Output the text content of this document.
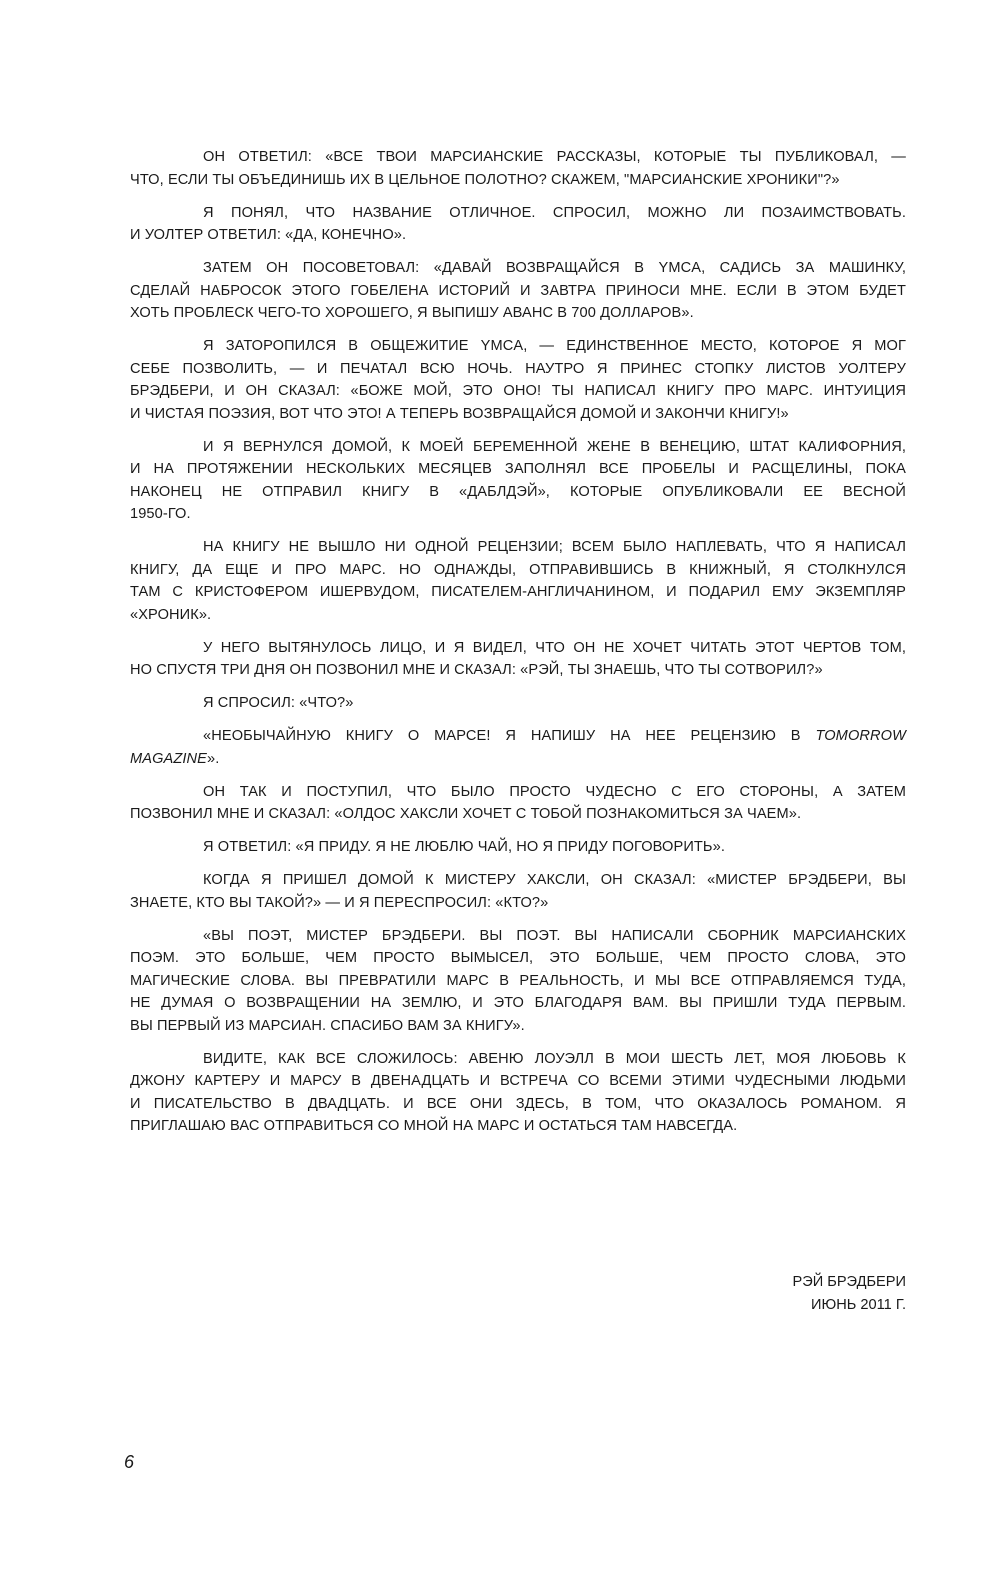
ОН ОТВЕТИЛ: «ВСЕ ТВОИ МАРСИАНСКИЕ РАССКАЗЫ, КОТОРЫЕ ТЫ ПУБЛИКОВАЛ, —
ЧТО, ЕСЛИ ТЫ ОБЪЕДИНИШЬ ИХ В ЦЕЛЬНОЕ ПОЛОТНО? СКАЖЕМ, "МАРСИАНСКИЕ ХРОНИКИ"?»
Я ПОНЯЛ, ЧТО НАЗВАНИЕ ОТЛИЧНОЕ. СПРОСИЛ, МОЖНО ЛИ ПОЗАИМСТВОВАТЬ.
И УОЛТЕР ОТВЕТИЛ: «ДА, КОНЕЧНО».
ЗАТЕМ ОН ПОСОВЕТОВАЛ: «ДАВАЙ ВОЗВРАЩАЙСЯ В YMCA, САДИСЬ ЗА МАШИНКУ,
СДЕЛАЙ НАБРОСОК ЭТОГО ГОБЕЛЕНА ИСТОРИЙ И ЗАВТРА ПРИНОСИ МНЕ. ЕСЛИ В ЭТОМ БУДЕТ
ХОТЬ ПРОБЛЕСК ЧЕГО-ТО ХОРОШЕГО, Я ВЫПИШУ АВАНС В 700 ДОЛЛАРОВ».
Я ЗАТОРОПИЛСЯ В ОБЩЕЖИТИЕ YMCA, — ЕДИНСТВЕННОЕ МЕСТО, КОТОРОЕ Я МОГ
СЕБЕ ПОЗВОЛИТЬ, — И ПЕЧАТАЛ ВСЮ НОЧЬ. НАУТРО Я ПРИНЕС СТОПКУ ЛИСТОВ УОЛТЕРУ
БРЭДБЕРИ, И ОН СКАЗАЛ: «БОЖЕ МОЙ, ЭТО ОНО! ТЫ НАПИСАЛ КНИГУ ПРО МАРС. ИНТУИЦИЯ
И ЧИСТАЯ ПОЭЗИЯ, ВОТ ЧТО ЭТО! А ТЕПЕРЬ ВОЗВРАЩАЙСЯ ДОМОЙ И ЗАКОНЧИ КНИГУ!»
И Я ВЕРНУЛСЯ ДОМОЙ, К МОЕЙ БЕРЕМЕННОЙ ЖЕНЕ В ВЕНЕЦИЮ, ШТАТ КАЛИФОРНИЯ,
И НА ПРОТЯЖЕНИИ НЕСКОЛЬКИХ МЕСЯЦЕВ ЗАПОЛНЯЛ ВСЕ ПРОБЕЛЫ И РАСЩЕЛИНЫ, ПОКА
НАКОНЕЦ НЕ ОТПРАВИЛ КНИГУ В «ДАБЛДЭЙ», КОТОРЫЕ ОПУБЛИКОВАЛИ ЕЕ ВЕСНОЙ
1950-ГО.
НА КНИГУ НЕ ВЫШЛО НИ ОДНОЙ РЕЦЕНЗИИ; ВСЕМ БЫЛО НАПЛЕВАТЬ, ЧТО Я НАПИСАЛ
КНИГУ, ДА ЕЩЕ И ПРО МАРС. НО ОДНАЖДЫ, ОТПРАВИВШИСЬ В КНИЖНЫЙ, Я СТОЛКНУЛСЯ
ТАМ С КРИСТОФЕРОМ ИШЕРВУДОМ, ПИСАТЕЛЕМ-АНГЛИЧАНИНОМ, И ПОДАРИЛ ЕМУ ЭКЗЕМПЛЯР
«ХРОНИК».
У НЕГО ВЫТЯНУЛОСЬ ЛИЦО, И Я ВИДЕЛ, ЧТО ОН НЕ ХОЧЕТ ЧИТАТЬ ЭТОТ ЧЕРТОВ ТОМ,
НО СПУСТЯ ТРИ ДНЯ ОН ПОЗВОНИЛ МНЕ И СКАЗАЛ: «РЭЙ, ТЫ ЗНАЕШЬ, ЧТО ТЫ СОТВОРИЛ?»
Я СПРОСИЛ: «ЧТО?»
«НЕОБЫЧАЙНУЮ КНИГУ О МАРСЕ! Я НАПИШУ НА НЕЕ РЕЦЕНЗИЮ В TOMORROW
MAGAZINE».
ОН ТАК И ПОСТУПИЛ, ЧТО БЫЛО ПРОСТО ЧУДЕСНО С ЕГО СТОРОНЫ, А ЗАТЕМ
ПОЗВОНИЛ МНЕ И СКАЗАЛ: «ОЛДОС ХАКСЛИ ХОЧЕТ С ТОБОЙ ПОЗНАКОМИТЬСЯ ЗА ЧАЕМ».
Я ОТВЕТИЛ: «Я ПРИДУ. Я НЕ ЛЮБЛЮ ЧАЙ, НО Я ПРИДУ ПОГОВОРИТЬ».
КОГДА Я ПРИШЕЛ ДОМОЙ К МИСТЕРУ ХАКСЛИ, ОН СКАЗАЛ: «МИСТЕР БРЭДБЕРИ, ВЫ
ЗНАЕТЕ, КТО ВЫ ТАКОЙ?» — И Я ПЕРЕСПРОСИЛ: «КТО?»
«ВЫ ПОЭТ, МИСТЕР БРЭДБЕРИ. ВЫ ПОЭТ. ВЫ НАПИСАЛИ СБОРНИК МАРСИАНСКИХ
ПОЭМ. ЭТО БОЛЬШЕ, ЧЕМ ПРОСТО ВЫМЫСЕЛ, ЭТО БОЛЬШЕ, ЧЕМ ПРОСТО СЛОВА, ЭТО
МАГИЧЕСКИЕ СЛОВА. ВЫ ПРЕВРАТИЛИ МАРС В РЕАЛЬНОСТЬ, И МЫ ВСЕ ОТПРАВЛЯЕМСЯ ТУДА,
НЕ ДУМАЯ О ВОЗВРАЩЕНИИ НА ЗЕМЛЮ, И ЭТО БЛАГОДАРЯ ВАМ. ВЫ ПРИШЛИ ТУДА ПЕРВЫМ.
ВЫ ПЕРВЫЙ ИЗ МАРСИАН. СПАСИБО ВАМ ЗА КНИГУ».
ВИДИТЕ, КАК ВСЕ СЛОЖИЛОСЬ: АВЕНЮ ЛОУЭЛЛ В МОИ ШЕСТЬ ЛЕТ, МОЯ ЛЮБОВЬ К
ДЖОНУ КАРТЕРУ И МАРСУ В ДВЕНАДЦАТЬ И ВСТРЕЧА СО ВСЕМИ ЭТИМИ ЧУДЕСНЫМИ ЛЮДЬМИ
И ПИСАТЕЛЬСТВО В ДВАДЦАТЬ. И ВСЕ ОНИ ЗДЕСЬ, В ТОМ, ЧТО ОКАЗАЛОСЬ РОМАНОМ. Я
ПРИГЛАШАЮ ВАС ОТПРАВИТЬСЯ СО МНОЙ НА МАРС И ОСТАТЬСЯ ТАМ НАВСЕГДА.
РЭЙ БРЭДБЕРИ
ИЮНЬ 2011 Г.
6
